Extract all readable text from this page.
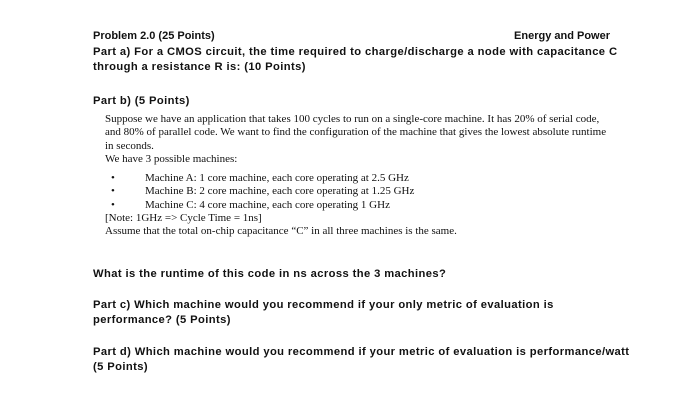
Problem 2.0 (25 Points)	Energy and Power

Part a) For a CMOS circuit, the time required to charge/discharge a node with capacitance C through a resistance R is: (10 Points)

Part b) (5 Points)

Suppose we have an application that takes 100 cycles to run on a single-core machine. It has 20% of serial code, and 80% of parallel code. We want to find the configuration of the machine that gives the lowest absolute runtime in seconds.
We have 3 possible machines:
•	Machine A: 1 core machine, each core operating at 2.5 GHz
•	Machine B: 2 core machine, each core operating at 1.25 GHz
•	Machine C: 4 core machine, each core operating 1 GHz
[Note: 1GHz => Cycle Time = 1ns]
Assume that the total on-chip capacitance “C” in all three machines is the same.

What is the runtime of this code in ns across the 3 machines?

Part c) Which machine would you recommend if your only metric of evaluation is performance? (5 Points)

Part d) Which machine would you recommend if your metric of evaluation is performance/watt (5 Points)
